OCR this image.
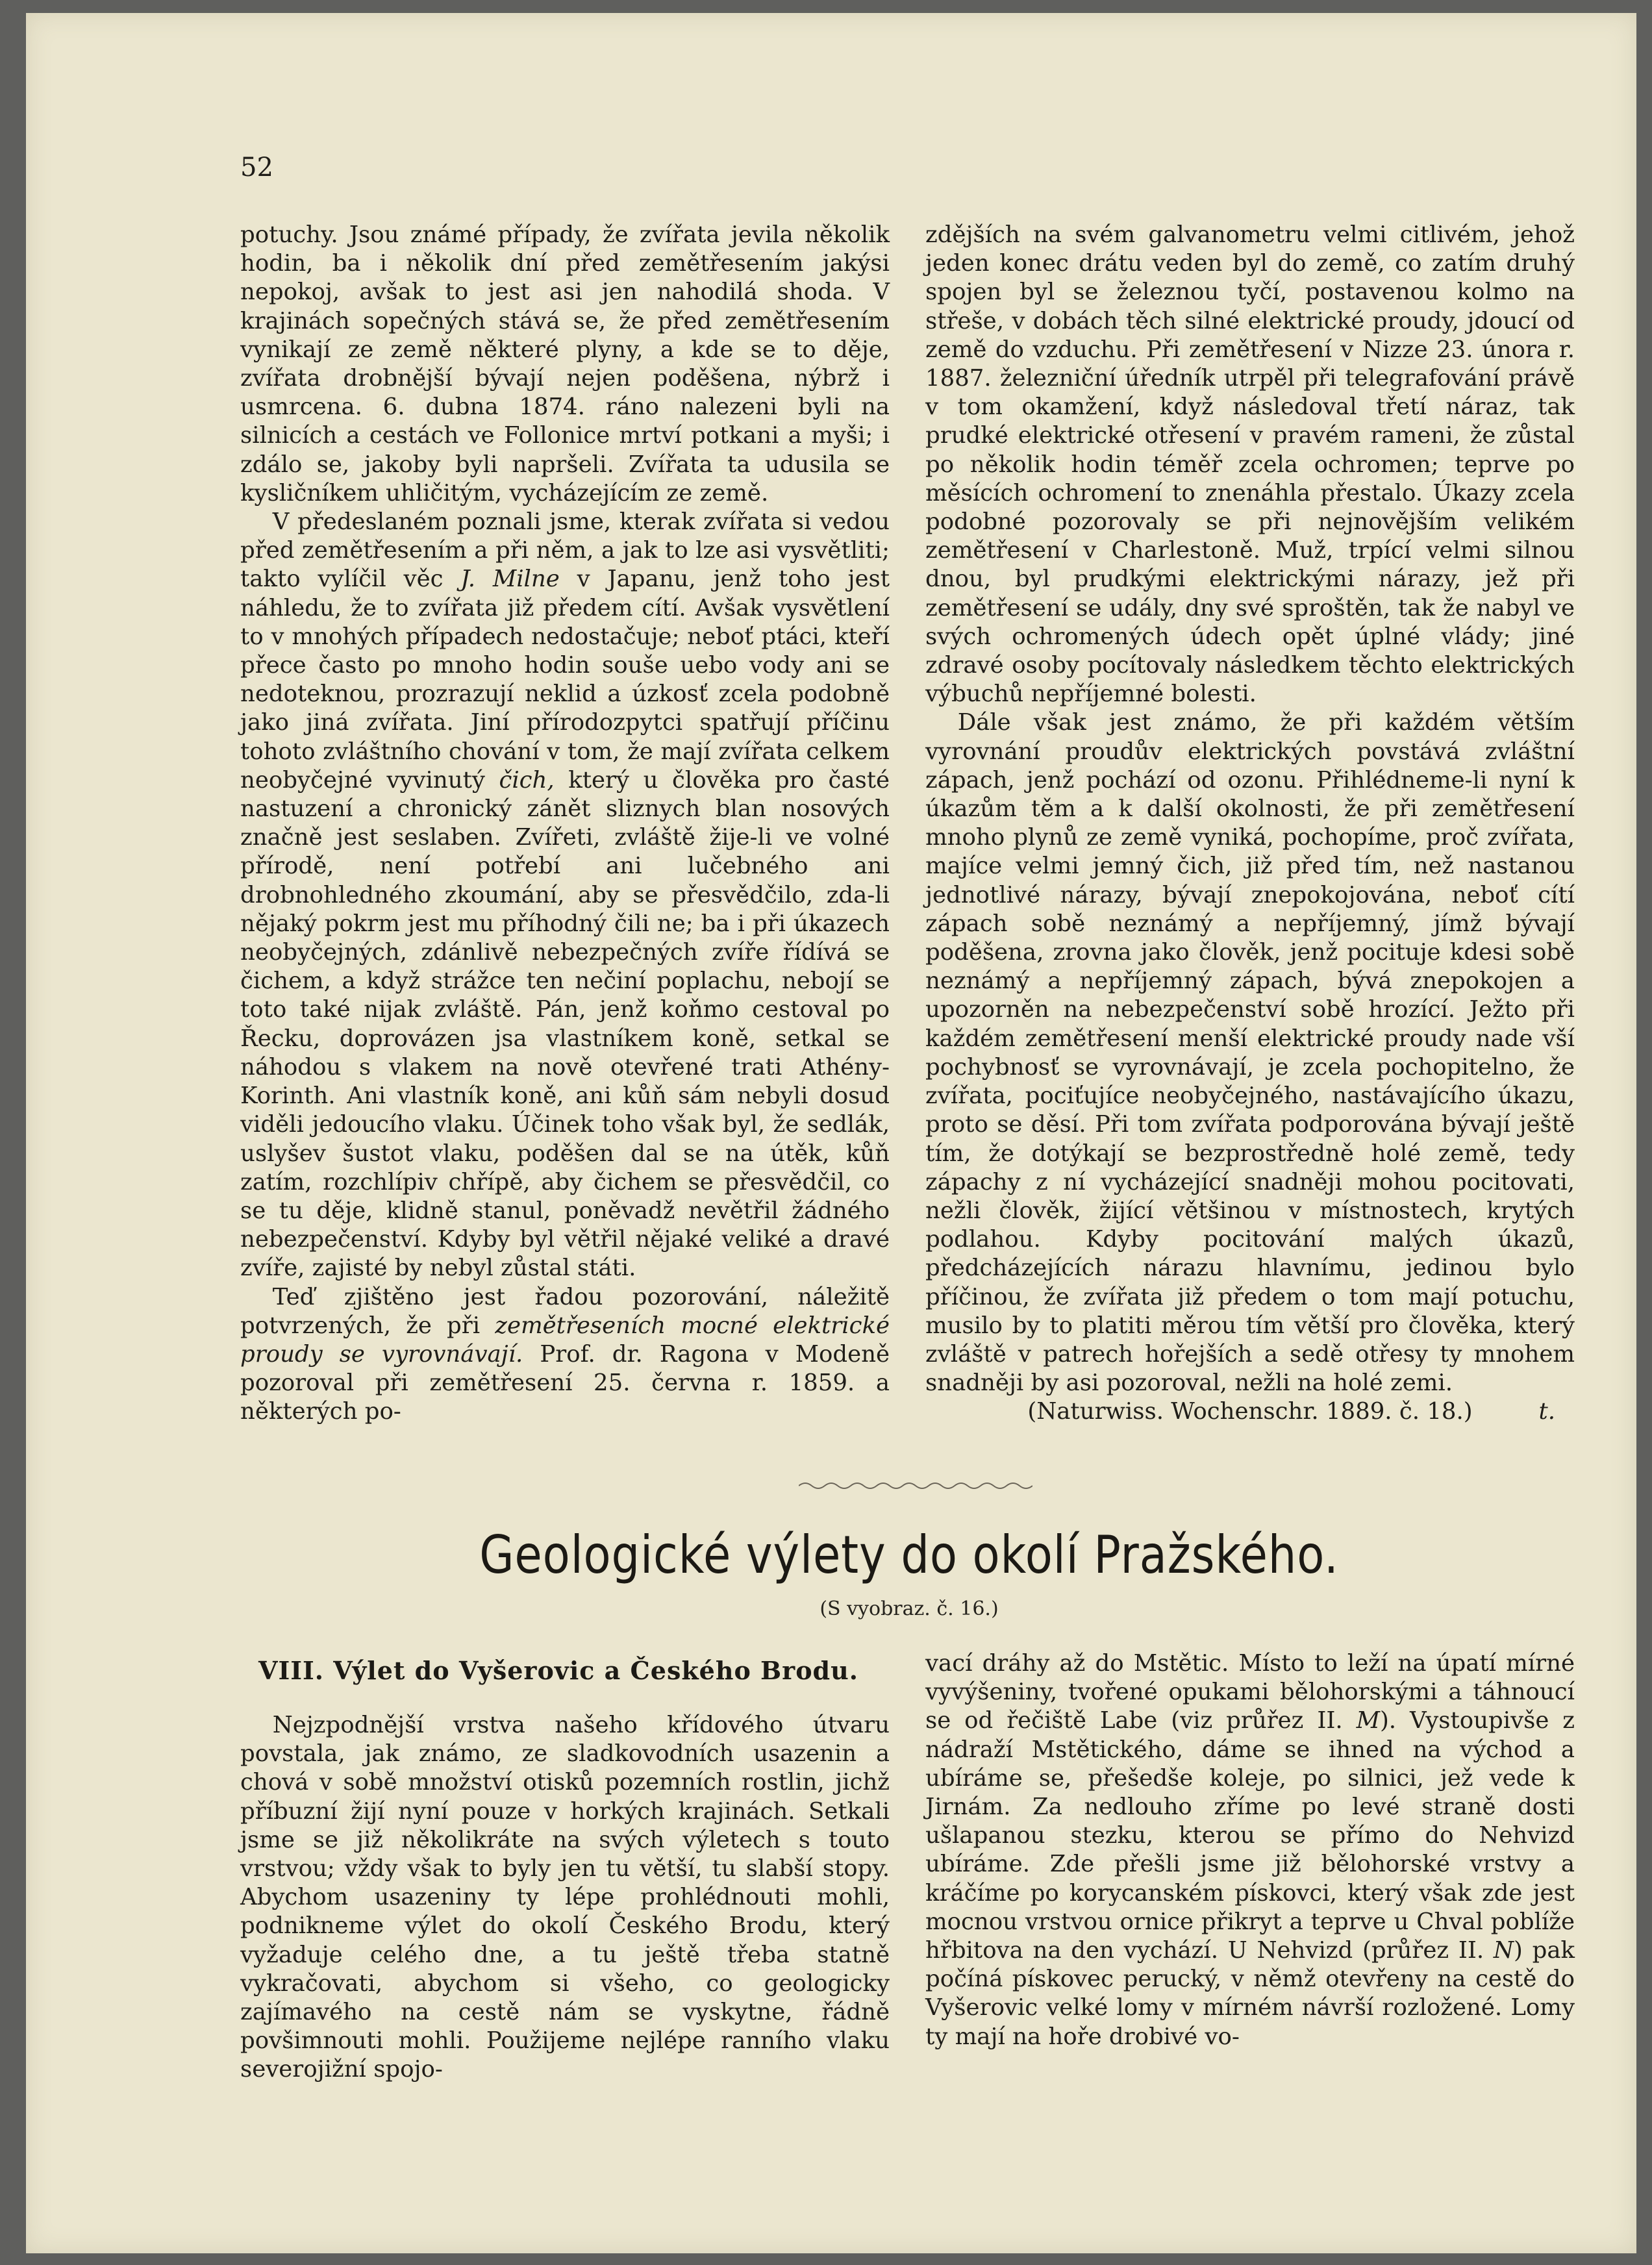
52

potuchy. Jsou známé případy, že zvířata jevila několik hodin, ba i několik dní před zemětřesením jakýsi nepokoj, avšak to jest asi jen nahodilá shoda. V krajinách sopečných stává se, že před zemětřesením vynikají ze země některé plyny, a kde se to děje, zvířata drobnější bývají nejen poděšena, nýbrž i usmrcena. 6. dubna 1874. ráno nalezeni byli na silnicích a cestách ve Follonice mrtví potkani a myši; i zdálo se, jakoby byli napršeli. Zvířata ta udusila se kysličníkem uhličitým, vycházejícím ze země.

V předeslaném poznali jsme, kterak zvířata si vedou před zemětřesením a při něm, a jak to lze asi vysvětliti; takto vylíčil věc J. Milne v Japanu, jenž toho jest náhledu, že to zvířata již předem cítí. Avšak vysvětlení to v mnohých případech nedostačuje; neboť ptáci, kteří přece často po mnoho hodin souše uebo vody ani se nedoteknou, prozrazují neklid a úzkosť zcela podobně jako jiná zvířata. Jiní přírodozpytci spatřují příčinu tohoto zvláštního chování v tom, že mají zvířata celkem neobyčejné vyvinutý čich, který u člověka pro časté nastuzení a chronický zánět sliznych blan nosových značně jest seslaben. Zvířeti, zvláště žije-li ve volné přírodě, není potřebí ani lučebného ani drobnohledného zkoumání, aby se přesvědčilo, zda-li nějaký pokrm jest mu příhodný čili ne; ba i při úkazech neobyčejných, zdánlivě nebezpečných zvíře řídívá se čichem, a když strážce ten nečiní poplachu, nebojí se toto také nijak zvláště. Pán, jenž koňmo cestoval po Řecku, doprovázen jsa vlastníkem koně, setkal se náhodou s vlakem na nově otevřené trati Athény-Korinth. Ani vlastník koně, ani kůň sám nebyli dosud viděli jedoucího vlaku. Účinek toho však byl, že sedlák, uslyšev šustot vlaku, poděšen dal se na útěk, kůň zatím, rozchlípiv chřípě, aby čichem se přesvědčil, co se tu děje, klidně stanul, poněvadž nevětřil žádného nebezpečenství. Kdyby byl větřil nějaké veliké a dravé zvíře, zajisté by nebyl zůstal státi.

Teď zjištěno jest řadou pozorování, náležitě potvrzených, že při zemětřeseních mocné elektrické proudy se vyrovnávají. Prof. dr. Ragona v Modeně pozoroval při zemětřesení 25. června r. 1859. a některých po-

zdějších na svém galvanometru velmi citlivém, jehož jeden konec drátu veden byl do země, co zatím druhý spojen byl se železnou tyčí, postavenou kolmo na střeše, v dobách těch silné elektrické proudy, jdoucí od země do vzduchu. Při zemětřesení v Nizze 23. února r. 1887. železniční úředník utrpěl při telegrafování právě v tom okamžení, když následoval třetí náraz, tak prudké elektrické otřesení v pravém rameni, že zůstal po několik hodin téměř zcela ochromen; teprve po měsících ochromení to znenáhla přestalo. Úkazy zcela podobné pozorovaly se při nejnovějším velikém zemětřesení v Charlestoně. Muž, trpící velmi silnou dnou, byl prudkými elektrickými nárazy, jež při zemětřesení se udály, dny své sproštěn, tak že nabyl ve svých ochromených údech opět úplné vlády; jiné zdravé osoby pocítovaly následkem těchto elektrických výbuchů nepříjemné bolesti.

Dále však jest známo, že při každém větším vyrovnání proudův elektrických povstává zvláštní zápach, jenž pochází od ozonu. Přihlédneme-li nyní k úkazům těm a k další okolnosti, že při zemětřesení mnoho plynů ze země vyniká, pochopíme, proč zvířata, majíce velmi jemný čich, již před tím, než nastanou jednotlivé nárazy, bývají znepokojována, neboť cítí zápach sobě neznámý a nepříjemný, jímž bývají poděšena, zrovna jako člověk, jenž pocituje kdesi sobě neznámý a nepříjemný zápach, bývá znepokojen a upozorněn na nebezpečenství sobě hrozící. Ježto při každém zemětřesení menší elektrické proudy nade vší pochybnosť se vyrovnávají, je zcela pochopitelno, že zvířata, pociťujíce neobyčejného, nastávajícího úkazu, proto se děsí. Při tom zvířata podporována bývají ještě tím, že dotýkají se bezprostředně holé země, tedy zápachy z ní vycházející snadněji mohou pocitovati, nežli člověk, žijící většinou v místnostech, krytých podlahou. Kdyby pocitování malých úkazů, předcházejících nárazu hlavnímu, jedinou bylo příčinou, že zvířata již předem o tom mají potuchu, musilo by to platiti měrou tím větší pro člověka, který zvláště v patrech hořejších a sedě otřesy ty mnohem snadněji by asi pozoroval, nežli na holé zemi.

(Naturwiss. Wochenschr. 1889. č. 18.)	t.
Geologické výlety do okolí Pražského.
(S vyobraz. č. 16.)
VIII. Výlet do Vyšerovic a Českého Brodu.

Nejzpodnější vrstva našeho křídového útvaru povstala, jak známo, ze sladkovodních usazenin a chová v sobě množství otisků pozemních rostlin, jichž příbuzní žijí nyní pouze v horkých krajinách. Setkali jsme se již několikráte na svých výletech s touto vrstvou; vždy však to byly jen tu větší, tu slabší stopy. Abychom usazeniny ty lépe prohlédnouti mohli, podnikneme výlet do okolí Českého Brodu, který vyžaduje celého dne, a tu ještě třeba statně vykračovati, abychom si všeho, co geologicky zajímavého na cestě nám se vyskytne, řádně povšimnouti mohli. Použijeme nejlépe ranního vlaku severojižní spojo-

vací dráhy až do Mstětic. Místo to leží na úpatí mírné vyvýšeniny, tvořené opukami bělohorskými a táhnoucí se od řečiště Labe (viz průřez II. M). Vystoupivše z nádraží Mstětického, dáme se ihned na východ a ubíráme se, přešedše koleje, po silnici, jež vede k Jirnám. Za nedlouho zříme po levé straně dosti ušlapanou stezku, kterou se přímo do Nehvizd ubíráme. Zde přešli jsme již bělohorské vrstvy a kráčíme po korycanském pískovci, který však zde jest mocnou vrstvou ornice přikryt a teprve u Chval poblíže hřbitova na den vychází. U Nehvizd (průřez II. N) pak počíná pískovec perucký, v němž otevřeny na cestě do Vyšerovic velké lomy v mírném návrší rozložené. Lomy ty mají na hoře drobivé vo-
